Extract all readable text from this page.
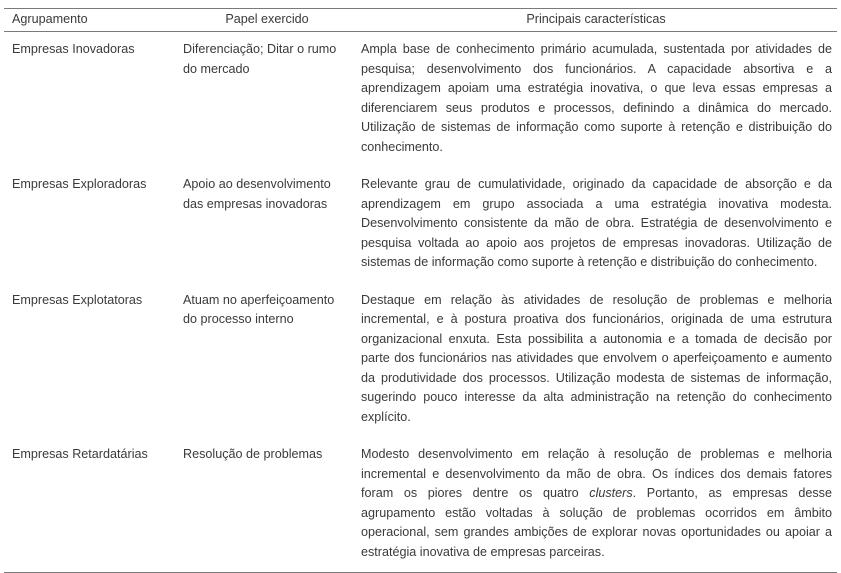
Agrupamento	Papel exercido	Principais características
Empresas Inovadoras	Diferenciação; Ditar o rumo do mercado	Ampla base de conhecimento primário acumulada, sustentada por atividades de pesquisa; desenvolvimento dos funcionários. A capacidade absortiva e a aprendizagem apoiam uma estratégia inovativa, o que leva essas empresas a diferenciarem seus produtos e processos, definindo a dinâmica do mercado. Utilização de sistemas de informação como suporte à retenção e distribuição do conhecimento.
Empresas Exploradoras	Apoio ao desenvolvimento das empresas inovadoras	Relevante grau de cumulatividade, originado da capacidade de absorção e da aprendizagem em grupo associada a uma estratégia inovativa modesta. Desenvolvimento consistente da mão de obra. Estratégia de desenvolvimento e pesquisa voltada ao apoio aos projetos de empresas inovadoras. Utilização de sistemas de informação como suporte à retenção e distribuição do conhecimento.
Empresas Explotatoras	Atuam no aperfeiçoamento do processo interno	Destaque em relação às atividades de resolução de problemas e melhoria incremental, e à postura proativa dos funcionários, originada de uma estrutura organizacional enxuta. Esta possibilita a autonomia e a tomada de decisão por parte dos funcionários nas atividades que envolvem o aperfeiçoamento e aumento da produtividade dos processos. Utilização modesta de sistemas de informação, sugerindo pouco interesse da alta administração na retenção do conhecimento explícito.
Empresas Retardatárias	Resolução de problemas	Modesto desenvolvimento em relação à resolução de problemas e melhoria incremental e desenvolvimento da mão de obra. Os índices dos demais fatores foram os piores dentre os quatro clusters. Portanto, as empresas desse agrupamento estão voltadas à solução de problemas ocorridos em âmbito operacional, sem grandes ambições de explorar novas oportunidades ou apoiar a estratégia inovativa de empresas parceiras.
